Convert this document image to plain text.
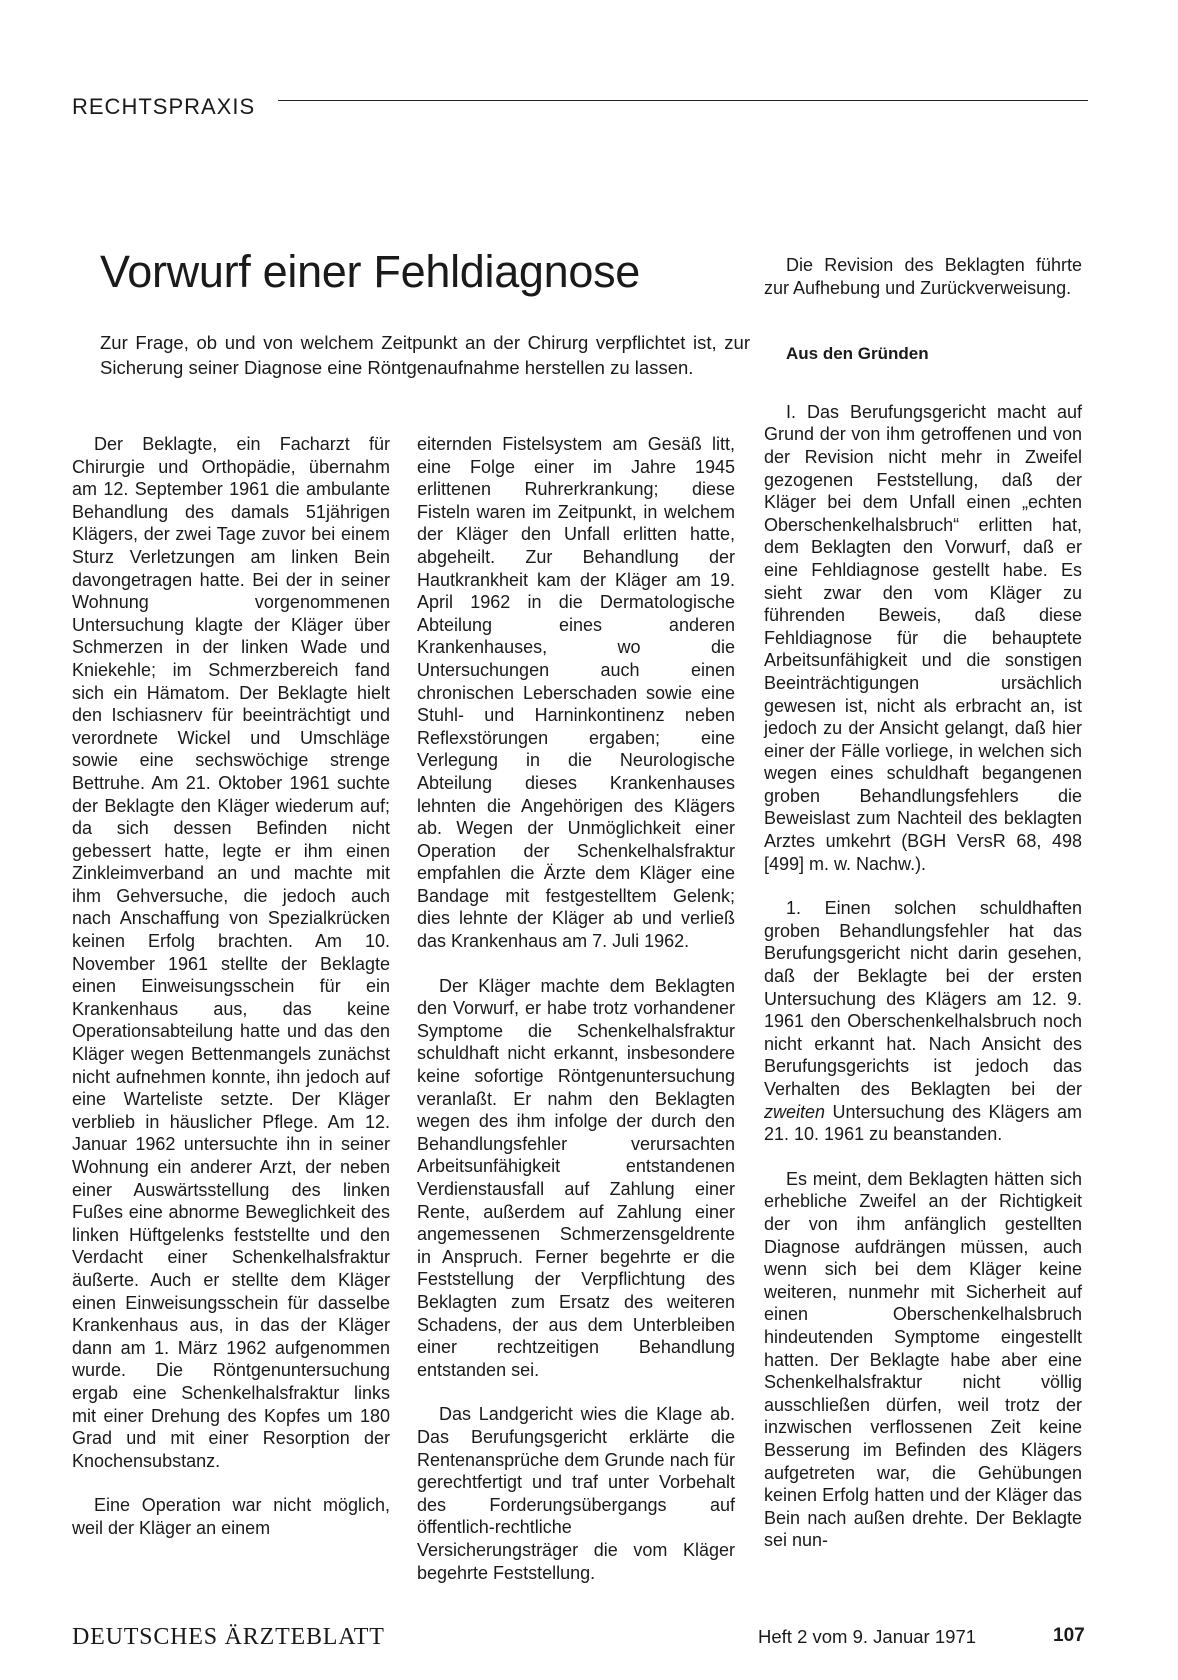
RECHTSPRAXIS
Vorwurf einer Fehldiagnose

Zur Frage, ob und von welchem Zeitpunkt an der Chirurg verpflichtet ist, zur Sicherung seiner Diagnose eine Röntgenaufnahme herstellen zu lassen.

Der Beklagte, ein Facharzt für Chirurgie und Orthopädie, übernahm am 12. September 1961 die ambulante Behandlung des damals 51jährigen Klägers, der zwei Tage zuvor bei einem Sturz Verletzungen am linken Bein davongetragen hatte. Bei der in seiner Wohnung vorgenommenen Untersuchung klagte der Kläger über Schmerzen in der linken Wade und Kniekehle; im Schmerzbereich fand sich ein Hämatom. Der Beklagte hielt den Ischiasnerv für beeinträchtigt und verordnete Wickel und Umschläge sowie eine sechswöchige strenge Bettruhe. Am 21. Oktober 1961 suchte der Beklagte den Kläger wiederum auf; da sich dessen Befinden nicht gebessert hatte, legte er ihm einen Zinkleimverband an und machte mit ihm Gehversuche, die jedoch auch nach Anschaffung von Spezialkrücken keinen Erfolg brachten. Am 10. November 1961 stellte der Beklagte einen Einweisungsschein für ein Krankenhaus aus, das keine Operationsabteilung hatte und das den Kläger wegen Bettenmangels zunächst nicht aufnehmen konnte, ihn jedoch auf eine Warteliste setzte. Der Kläger verblieb in häuslicher Pflege. Am 12. Januar 1962 untersuchte ihn in seiner Wohnung ein anderer Arzt, der neben einer Auswärtsstellung des linken Fußes eine abnorme Beweglichkeit des linken Hüftgelenks feststellte und den Verdacht einer Schenkelhalsfraktur äußerte. Auch er stellte dem Kläger einen Einweisungsschein für dasselbe Krankenhaus aus, in das der Kläger dann am 1. März 1962 aufgenommen wurde. Die Röntgenuntersuchung ergab eine Schenkelhalsfraktur links mit einer Drehung des Kopfes um 180 Grad und mit einer Resorption der Knochensubstanz.

Eine Operation war nicht möglich, weil der Kläger an einem

eiternden Fistelsystem am Gesäß litt, eine Folge einer im Jahre 1945 erlittenen Ruhrerkrankung; diese Fisteln waren im Zeitpunkt, in welchem der Kläger den Unfall erlitten hatte, abgeheilt. Zur Behandlung der Hautkrankheit kam der Kläger am 19. April 1962 in die Dermatologische Abteilung eines anderen Krankenhauses, wo die Untersuchungen auch einen chronischen Leberschaden sowie eine Stuhl- und Harninkontinenz neben Reflexstörungen ergaben; eine Verlegung in die Neurologische Abteilung dieses Krankenhauses lehnten die Angehörigen des Klägers ab. Wegen der Unmöglichkeit einer Operation der Schenkelhalsfraktur empfahlen die Ärzte dem Kläger eine Bandage mit festgestelltem Gelenk; dies lehnte der Kläger ab und verließ das Krankenhaus am 7. Juli 1962.

Der Kläger machte dem Beklagten den Vorwurf, er habe trotz vorhandener Symptome die Schenkelhalsfraktur schuldhaft nicht erkannt, insbesondere keine sofortige Röntgenuntersuchung veranlaßt. Er nahm den Beklagten wegen des ihm infolge der durch den Behandlungsfehler verursachten Arbeitsunfähigkeit entstandenen Verdienstausfall auf Zahlung einer Rente, außerdem auf Zahlung einer angemessenen Schmerzensgeldrente in Anspruch. Ferner begehrte er die Feststellung der Verpflichtung des Beklagten zum Ersatz des weiteren Schadens, der aus dem Unterbleiben einer rechtzeitigen Behandlung entstanden sei.

Das Landgericht wies die Klage ab. Das Berufungsgericht erklärte die Rentenansprüche dem Grunde nach für gerechtfertigt und traf unter Vorbehalt des Forderungsübergangs auf öffentlich-rechtliche Versicherungsträger die vom Kläger begehrte Feststellung.

Die Revision des Beklagten führte zur Aufhebung und Zurückverweisung.

Aus den Gründen

I. Das Berufungsgericht macht auf Grund der von ihm getroffenen und von der Revision nicht mehr in Zweifel gezogenen Feststellung, daß der Kläger bei dem Unfall einen „echten Oberschenkelhalsbruch“ erlitten hat, dem Beklagten den Vorwurf, daß er eine Fehldiagnose gestellt habe. Es sieht zwar den vom Kläger zu führenden Beweis, daß diese Fehldiagnose für die behauptete Arbeitsunfähigkeit und die sonstigen Beeinträchtigungen ursächlich gewesen ist, nicht als erbracht an, ist jedoch zu der Ansicht gelangt, daß hier einer der Fälle vorliege, in welchen sich wegen eines schuldhaft begangenen groben Behandlungsfehlers die Beweislast zum Nachteil des beklagten Arztes umkehrt (BGH VersR 68, 498 [499] m. w. Nachw.).

1. Einen solchen schuldhaften groben Behandlungsfehler hat das Berufungsgericht nicht darin gesehen, daß der Beklagte bei der ersten Untersuchung des Klägers am 12. 9. 1961 den Oberschenkelhalsbruch noch nicht erkannt hat. Nach Ansicht des Berufungsgerichts ist jedoch das Verhalten des Beklagten bei der zweiten Untersuchung des Klägers am 21. 10. 1961 zu beanstanden.

Es meint, dem Beklagten hätten sich erhebliche Zweifel an der Richtigkeit der von ihm anfänglich gestellten Diagnose aufdrängen müssen, auch wenn sich bei dem Kläger keine weiteren, nunmehr mit Sicherheit auf einen Oberschenkelhalsbruch hindeutenden Symptome eingestellt hatten. Der Beklagte habe aber eine Schenkelhalsfraktur nicht völlig ausschließen dürfen, weil trotz der inzwischen verflossenen Zeit keine Besserung im Befinden des Klägers aufgetreten war, die Gehübungen keinen Erfolg hatten und der Kläger das Bein nach außen drehte. Der Beklagte sei nun-

DEUTSCHES ÄRZTEBLATT	Heft 2 vom 9. Januar 1971	107
